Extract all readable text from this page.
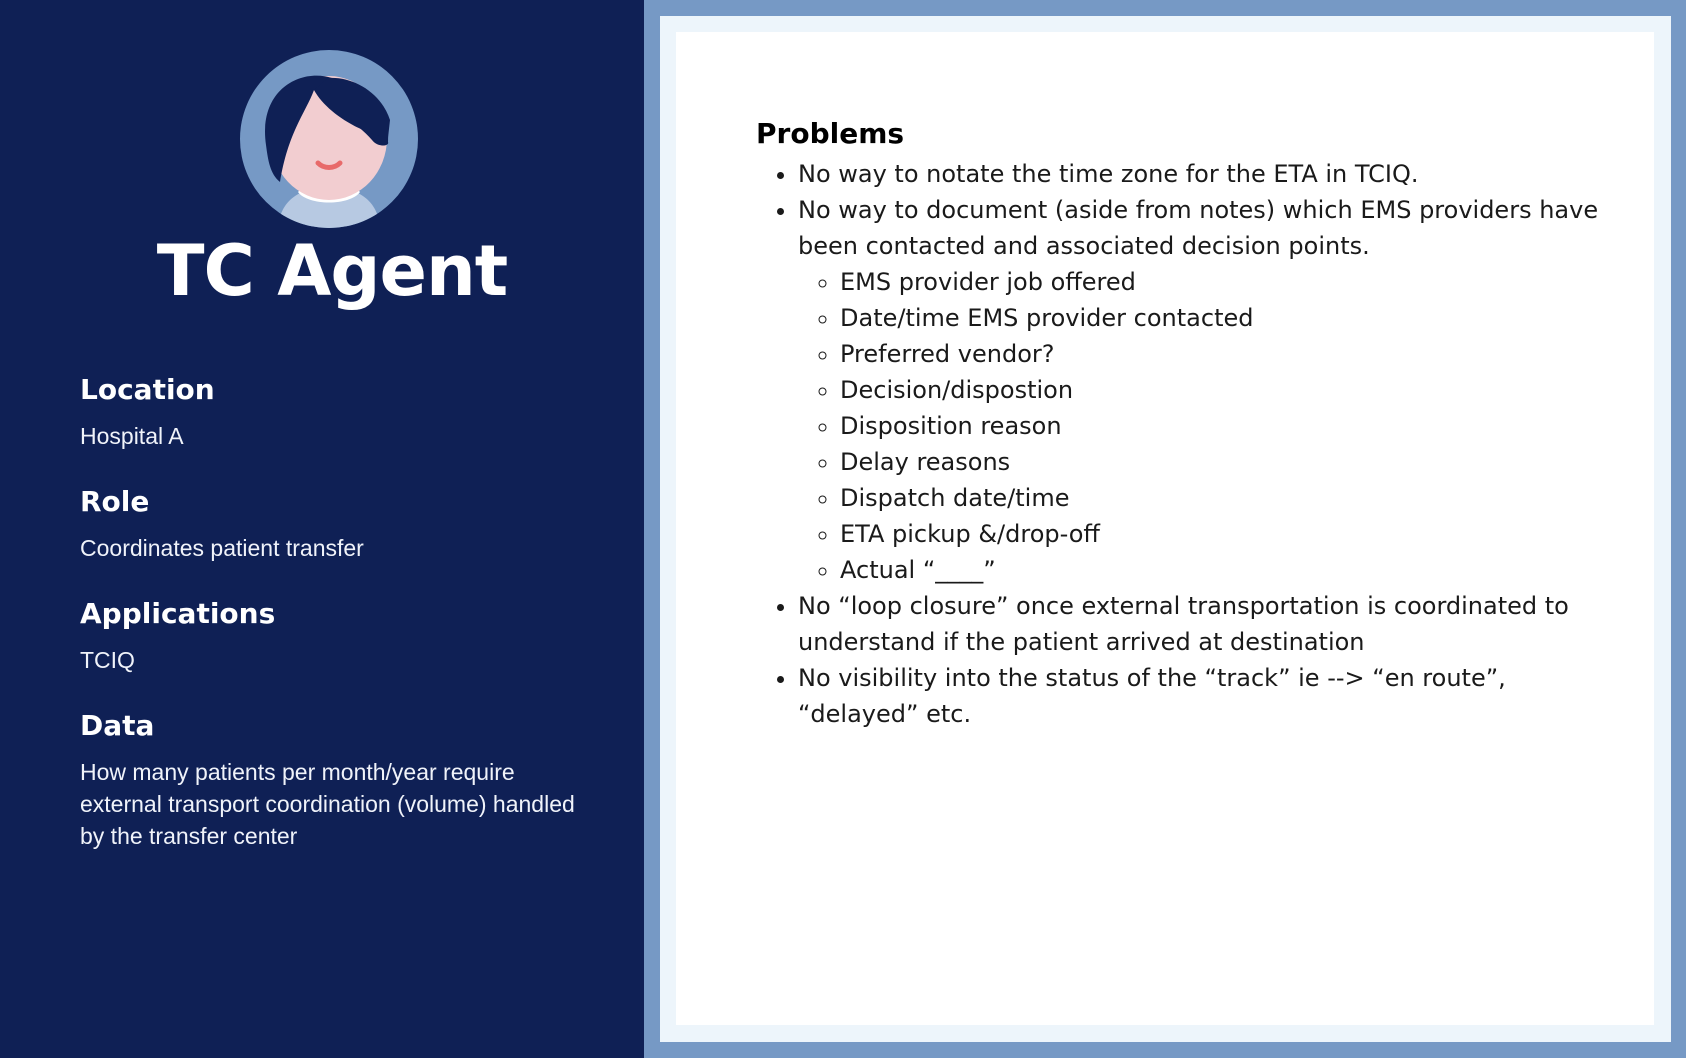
TC Agent
Location

Hospital A

Role

Coordinates patient transfer

Applications

TCIQ

Data

How many patients per month/year require external transport coordination (volume) handled by the transfer center

Problems
• No way to notate the time zone for the ETA in TCIQ.
• No way to document (aside from notes) which EMS providers have been contacted and associated decision points.
◦ EMS provider job offered
◦ Date/time EMS provider contacted
◦ Preferred vendor?
◦ Decision/dispostion
◦ Disposition reason
◦ Delay reasons
◦ Dispatch date/time
◦ ETA pickup &/drop-off
◦ Actual “____”
• No “loop closure” once external transportation is coordinated to understand if the patient arrived at destination
• No visibility into the status of the “track” ie --> “en route”, “delayed” etc.
